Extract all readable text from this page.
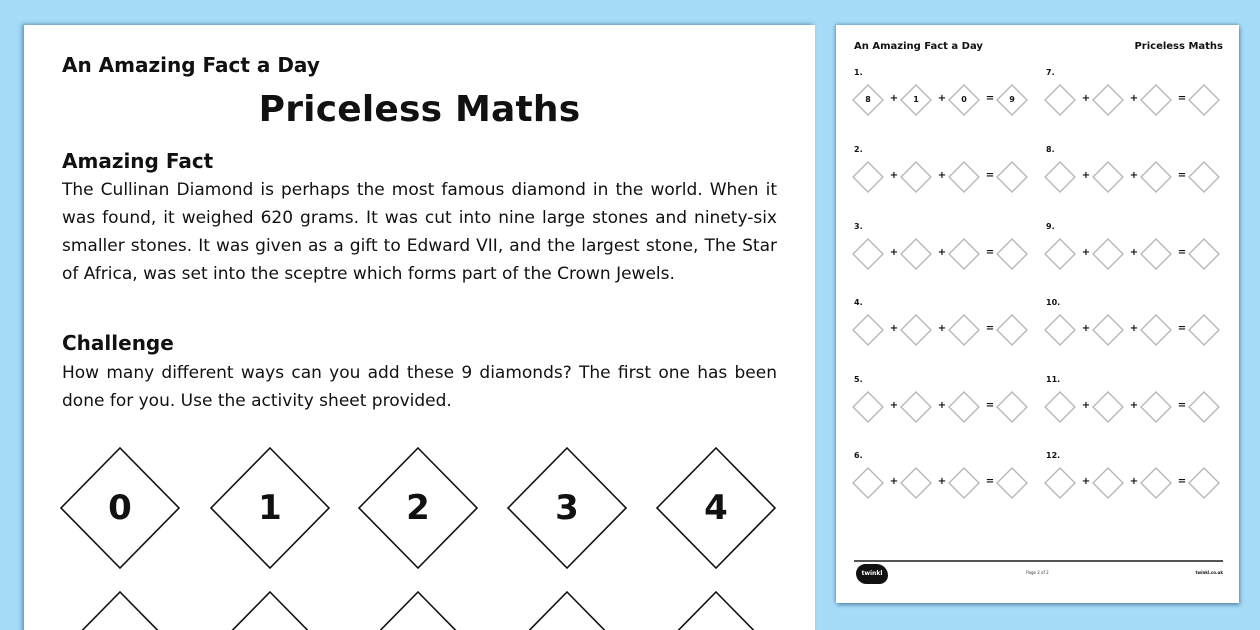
An Amazing Fact a Day
Priceless Maths
Amazing Fact
The Cullinan Diamond is perhaps the most famous diamond in the world. When it was found, it weighed 620 grams. It was cut into nine large stones and ninety-six smaller stones. It was given as a gift to Edward VII, and the largest stone, The Star of Africa, was set into the sceptre which forms part of the Crown Jewels.
Challenge
How many different ways can you add these 9 diamonds? The first one has been done for you. Use the activity sheet provided.
0	1	2	3	4
An Amazing Fact a Day	Priceless Maths
1.
8	1	0	9
+	+	=
2.
+	+	=
3.
+	+	=
4.
+	+	=
5.
+	+	=
6.
+	+	=
7.
+	+	=
8.
+	+	=
9.
+	+	=
10.
+	+	=
11.
+	+	=
12.
+	+	=
twinkl	Page 2 of 2	twinkl.co.uk
